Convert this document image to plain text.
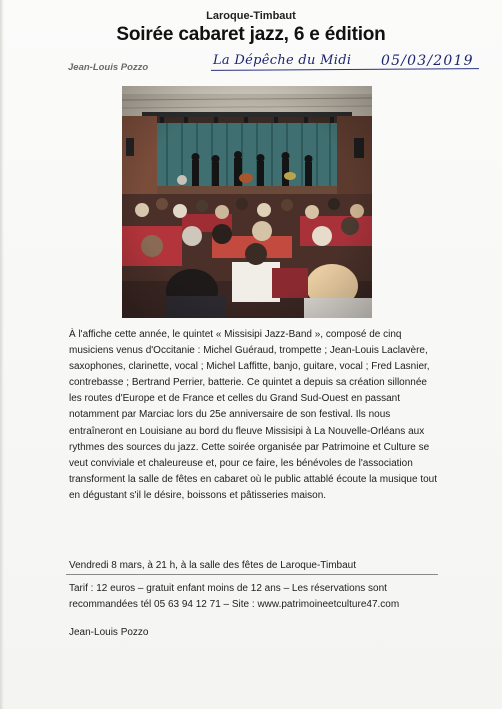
Laroque-Timbaut
Soirée cabaret jazz, 6 e édition
Jean-Louis Pozzo	La Dépêche du Midi 05/03/2019

À l'affiche cette année, le quintet « Missisipi Jazz-Band », composé de cinq musiciens venus d'Occitanie : Michel Guéraud, trompette ; Jean-Louis Laclavère, saxophones, clarinette, vocal ; Michel Laffitte, banjo, guitare, vocal ; Fred Lasnier, contrebasse ; Bertrand Perrier, batterie. Ce quintet a depuis sa création sillonnée les routes d'Europe et de France et celles du Grand Sud-Ouest en passant notamment par Marciac lors du 25e anniversaire de son festival. Ils nous entraîneront en Louisiane au bord du fleuve Missisipi à La Nouvelle-Orléans aux rythmes des sources du jazz. Cette soirée organisée par Patrimoine et Culture se veut conviviale et chaleureuse et, pour ce faire, les bénévoles de l'association transforment la salle de fêtes en cabaret où le public attablé écoute la musique tout en dégustant s'il le désire, boissons et pâtisseries maison.

Vendredi 8 mars, à 21 h, à la salle des fêtes de Laroque-Timbaut

Tarif : 12 euros – gratuit enfant moins de 12 ans – Les réservations sont recommandées tél 05 63 94 12 71 – Site : www.patrimoineetculture47.com

Jean-Louis Pozzo
